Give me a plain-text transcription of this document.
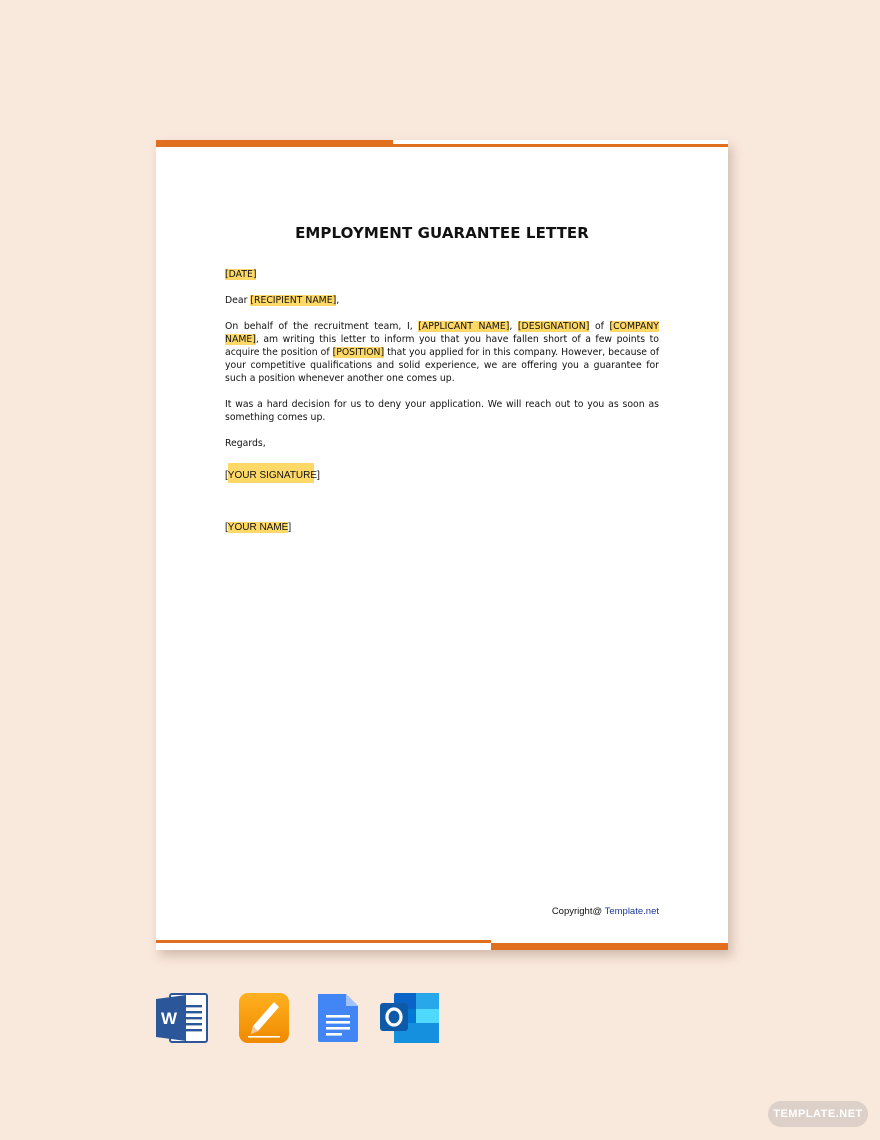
EMPLOYMENT GUARANTEE LETTER

[DATE]

Dear [RECIPIENT NAME],

On behalf of the recruitment team, I, [APPLICANT NAME], [DESIGNATION] of [COMPANY NAME], am writing this letter to inform you that you have fallen short of a few points to acquire the position of [POSITION] that you applied for in this company. However, because of your competitive qualifications and solid experience, we are offering you a guarantee for such a position whenever another one comes up.

It was a hard decision for us to deny your application. We will reach out to you as soon as something comes up.

Regards,

[YOUR SIGNATURE]
[YOUR NAME]
Copyright@ Template.net
W
TEMPLATE.NET
